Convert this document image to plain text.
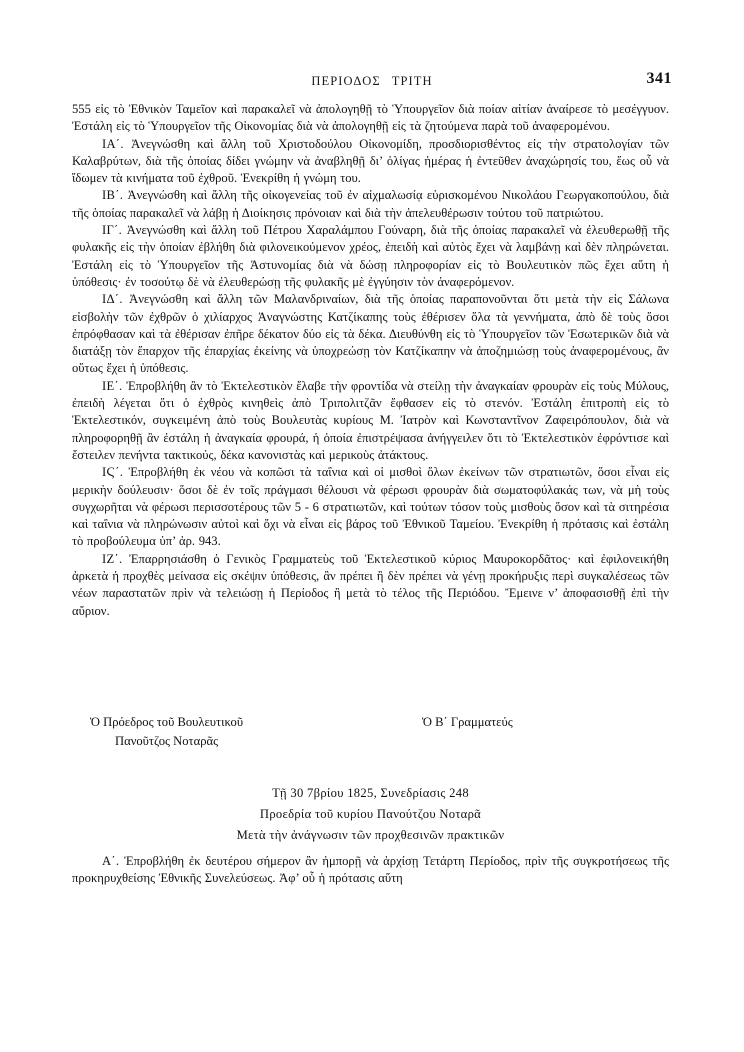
ΠΕΡΙΟΔΟΣ ΤΡΙΤΗ	341

555 εἰς τὸ Ἐθνικὸν Ταμεῖον καὶ παρακαλεῖ νὰ ἀπολογηθῇ τὸ Ὑπουργεῖον διὰ ποίαν αἰτίαν ἀναίρεσε τὸ μεσέγγυον. Ἐστάλη εἰς τὸ Ὑπουργεῖον τῆς Οἰκονομίας διὰ νὰ ἀπολογηθῇ εἰς τὰ ζητούμενα παρὰ τοῦ ἀναφερομένου.

ΙΑ΄. Ἀνεγνώσθη καὶ ἄλλη τοῦ Χριστοδούλου Οἰκονομίδη, προσδιορισθέντος εἰς τὴν στρατολογίαν τῶν Καλαβρύτων, διὰ τῆς ὁποίας δίδει γνώμην νὰ ἀναβληθῇ δι’ ὀλίγας ἡμέρας ἡ ἐντεῦθεν ἀναχώρησίς του, ἕως οὗ νὰ ἴδωμεν τὰ κινήματα τοῦ ἐχθροῦ. Ἐνεκρίθη ἡ γνώμη του.

ΙΒ΄. Ἀνεγνώσθη καὶ ἄλλη τῆς οἰκογενείας τοῦ ἐν αἰχμαλωσίᾳ εὑρισκομένου Νικολάου Γεωργακοπούλου, διὰ τῆς ὁποίας παρακαλεῖ νὰ λάβῃ ἡ Διοίκησις πρόνοιαν καὶ διὰ τὴν ἀπελευθέρωσιν τούτου τοῦ πατριώτου.

ΙΓ΄. Ἀνεγνώσθη καὶ ἄλλη τοῦ Πέτρου Χαραλάμπου Γούναρη, διὰ τῆς ὁποίας παρακαλεῖ νὰ ἐλευθερωθῇ τῆς φυλακῆς εἰς τὴν ὁποίαν ἐβλήθη διὰ φιλονεικούμενον χρέος, ἐπειδὴ καὶ αὐτὸς ἔχει νὰ λαμβάνῃ καὶ δὲν πληρώνεται. Ἐστάλη εἰς τὸ Ὑπουργεῖον τῆς Ἀστυνομίας διὰ νὰ δώσῃ πληροφορίαν εἰς τὸ Βουλευτικὸν πῶς ἔχει αὕτη ἡ ὑπόθεσις· ἐν τοσούτῳ δὲ νὰ ἐλευθερώσῃ τῆς φυλακῆς μὲ ἐγγύησιν τὸν ἀναφερόμενον.

ΙΔ΄. Ἀνεγνώσθη καὶ ἄλλη τῶν Μαλανδριναίων, διὰ τῆς ὁποίας παραπονοῦνται ὅτι μετὰ τὴν εἰς Σάλωνα εἰσβολὴν τῶν ἐχθρῶν ὁ χιλίαρχος Ἀναγνώστης Κατζίκαπης τοὺς ἐθέρισεν ὅλα τὰ γεννήματα, ἀπὸ δὲ τοὺς ὅσοι ἐπρόφθασαν καὶ τὰ ἐθέρισαν ἐπῆρε δέκατον δύο εἰς τὰ δέκα. Διευθύνθη εἰς τὸ Ὑπουργεῖον τῶν Ἐσωτερικῶν διὰ νὰ διατάξῃ τὸν ἔπαρχον τῆς ἐπαρχίας ἐκείνης νὰ ὑποχρεώσῃ τὸν Κατζίκαπην νὰ ἀποζημιώσῃ τοὺς ἀναφερομένους, ἂν οὕτως ἔχει ἡ ὑπόθεσις.

ΙΕ΄. Ἐπροβλήθη ἂν τὸ Ἐκτελεστικὸν ἔλαβε τὴν φροντίδα νὰ στείλῃ τὴν ἀναγκαίαν φρουρὰν εἰς τοὺς Μύλους, ἐπειδὴ λέγεται ὅτι ὁ ἐχθρὸς κινηθεὶς ἀπὸ Τριπολιτζᾶν ἔφθασεν εἰς τὸ στενόν. Ἐστάλη ἐπιτροπὴ εἰς τὸ Ἐκτελεστικόν, συγκειμένη ἀπὸ τοὺς Βουλευτὰς κυρίους Μ. Ἰατρὸν καὶ Κωνσταντῖνον Ζαφειρόπουλον, διὰ νὰ πληροφορηθῇ ἂν ἐστάλη ἡ ἀναγκαία φρουρά, ἡ ὁποία ἐπιστρέψασα ἀνήγγειλεν ὅτι τὸ Ἐκτελεστικὸν ἐφρόντισε καὶ ἔστειλεν πενήντα τακτικούς, δέκα κανονιστὰς καὶ μερικοὺς ἀτάκτους.

ΙϚ΄. Ἐπροβλήθη ἐκ νέου νὰ κοπῶσι τὰ ταΐνια καὶ οἱ μισθοὶ ὅλων ἐκείνων τῶν στρατιωτῶν, ὅσοι εἶναι εἰς μερικὴν δούλευσιν· ὅσοι δὲ ἐν τοῖς πράγμασι θέλουσι νὰ φέρωσι φρουρὰν διὰ σωματοφύλακάς των, νὰ μὴ τοὺς συγχωρῆται νὰ φέρωσι περισσοτέρους τῶν 5 - 6 στρατιωτῶν, καὶ τούτων τόσον τοὺς μισθοὺς ὅσον καὶ τὰ σιτηρέσια καὶ ταΐνια νὰ πληρώνωσιν αὐτοὶ καὶ ὄχι νὰ εἶναι εἰς βάρος τοῦ Ἐθνικοῦ Ταμείου. Ἐνεκρίθη ἡ πρότασις καὶ ἐστάλη τὸ προβούλευμα ὑπ’ ἀρ. 943.

ΙΖ΄. Ἐπαρρησιάσθη ὁ Γενικὸς Γραμματεὺς τοῦ Ἐκτελεστικοῦ κύριος Μαυροκορδᾶτος· καὶ ἐφιλονεικήθη ἀρκετὰ ἡ προχθὲς μείνασα εἰς σκέψιν ὑπόθεσις, ἂν πρέπει ἢ δὲν πρέπει νὰ γένῃ προκήρυξις περὶ συγκαλέσεως τῶν νέων παραστατῶν πρὶν νὰ τελειώσῃ ἡ Περίοδος ἢ μετὰ τὸ τέλος τῆς Περιόδου. Ἔμεινε ν’ ἀποφασισθῇ ἐπὶ τὴν αὔριον.

Ὁ Πρόεδρος τοῦ Βουλευτικοῦ
Πανοῦτζος Νοταρᾶς
Ὁ Β΄ Γραμματεύς
Τῇ 30 7βρίου 1825, Συνεδρίασις 248
Προεδρία τοῦ κυρίου Πανούτζου Νοταρᾶ
Μετὰ τὴν ἀνάγνωσιν τῶν προχθεσινῶν πρακτικῶν

Α΄. Ἐπροβλήθη ἐκ δευτέρου σήμερον ἂν ἠμπορῇ νὰ ἀρχίσῃ Τετάρτη Περίοδος, πρὶν τῆς συγκροτήσεως τῆς προκηρυχθείσης Ἐθνικῆς Συνελεύσεως. Ἀφ’ οὗ ἡ πρότασις αὕτη
